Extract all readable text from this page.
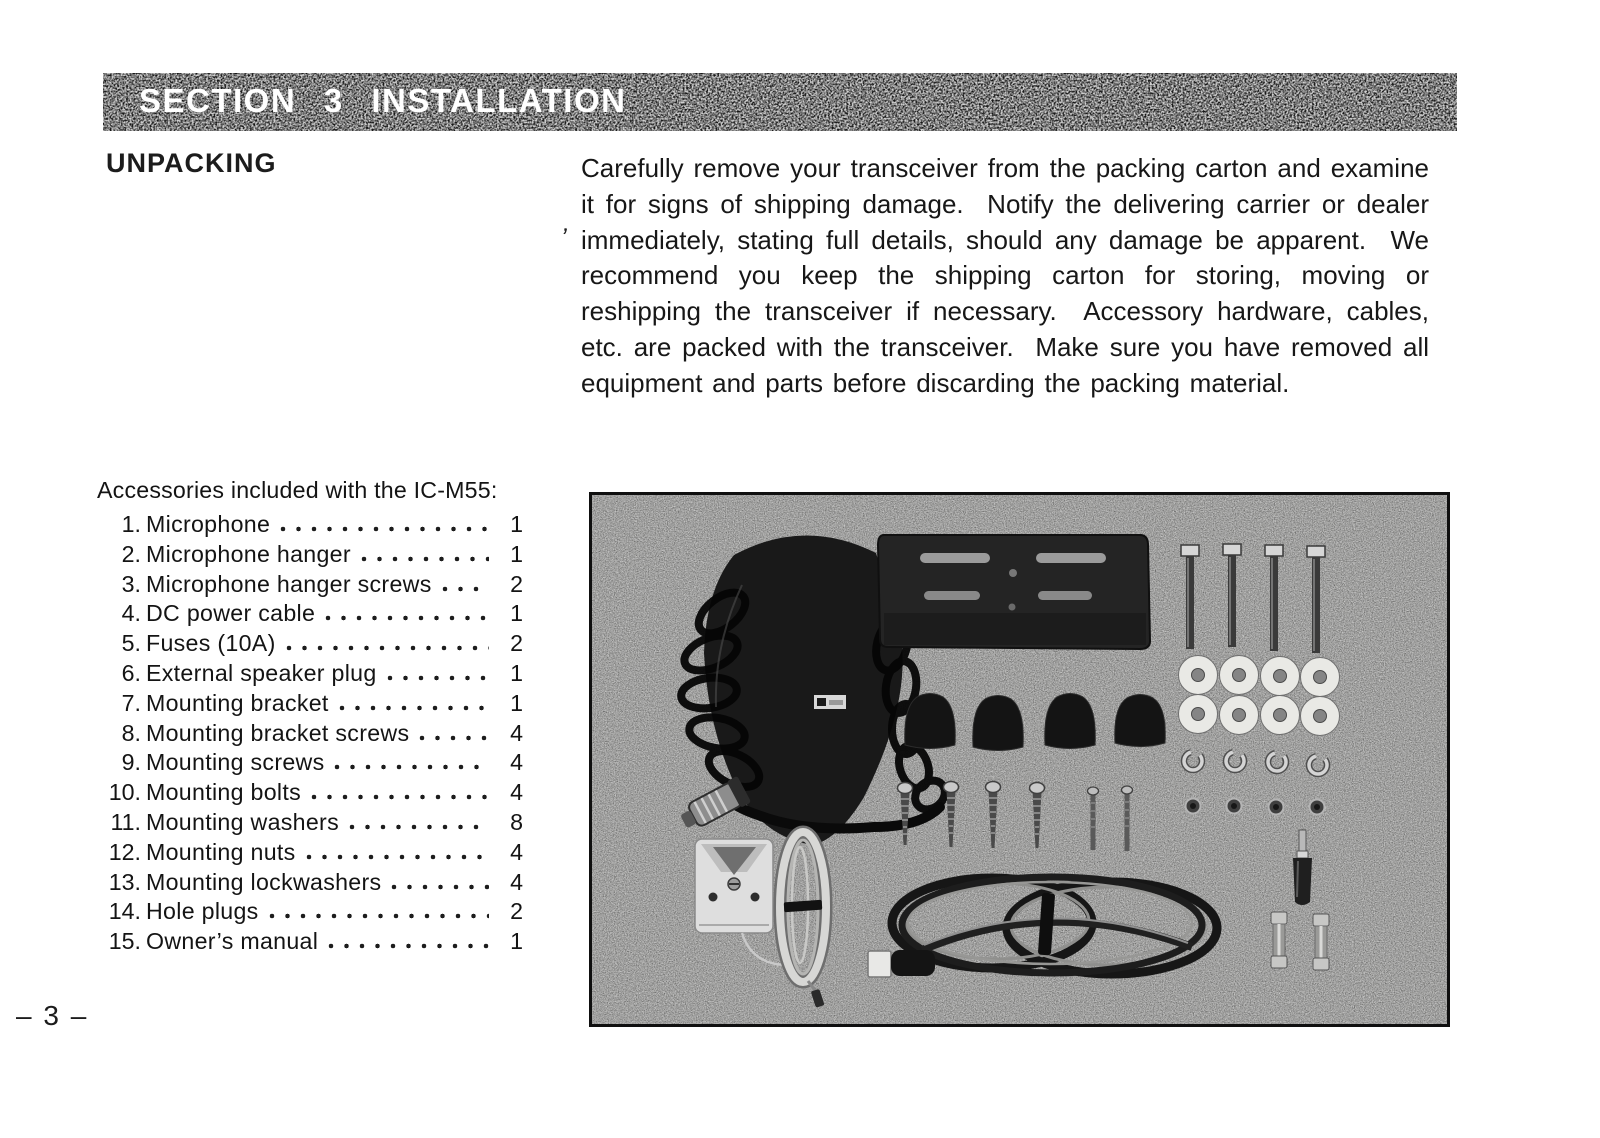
SECTION 3 INSTALLATION
UNPACKING	Carefully remove your transceiver from the packing carton and examine it for signs of shipping damage.  Notify the delivering carrier or dealer immediately, stating full details, should any damage be apparent.  We recommend you keep the shipping carton for storing, moving or reshipping the transceiver if necessary.  Accessory hardware, cables, etc. are packed with the transceiver.  Make sure you have removed all equipment and parts before discarding the packing material.

’
Accessories included with the IC-M55:
1. Microphone	1
2. Microphone hanger	1
3. Microphone hanger screws	2
4. DC power cable	1
5. Fuses (10A)	2
6. External speaker plug	1
7. Mounting bracket	1
8. Mounting bracket screws	4
9. Mounting screws	4
10. Mounting bolts	4
11. Mounting washers	8
12. Mounting nuts	4
13. Mounting lockwashers	4
14. Hole plugs	2
15. Owner’s manual	1
– 3 –
